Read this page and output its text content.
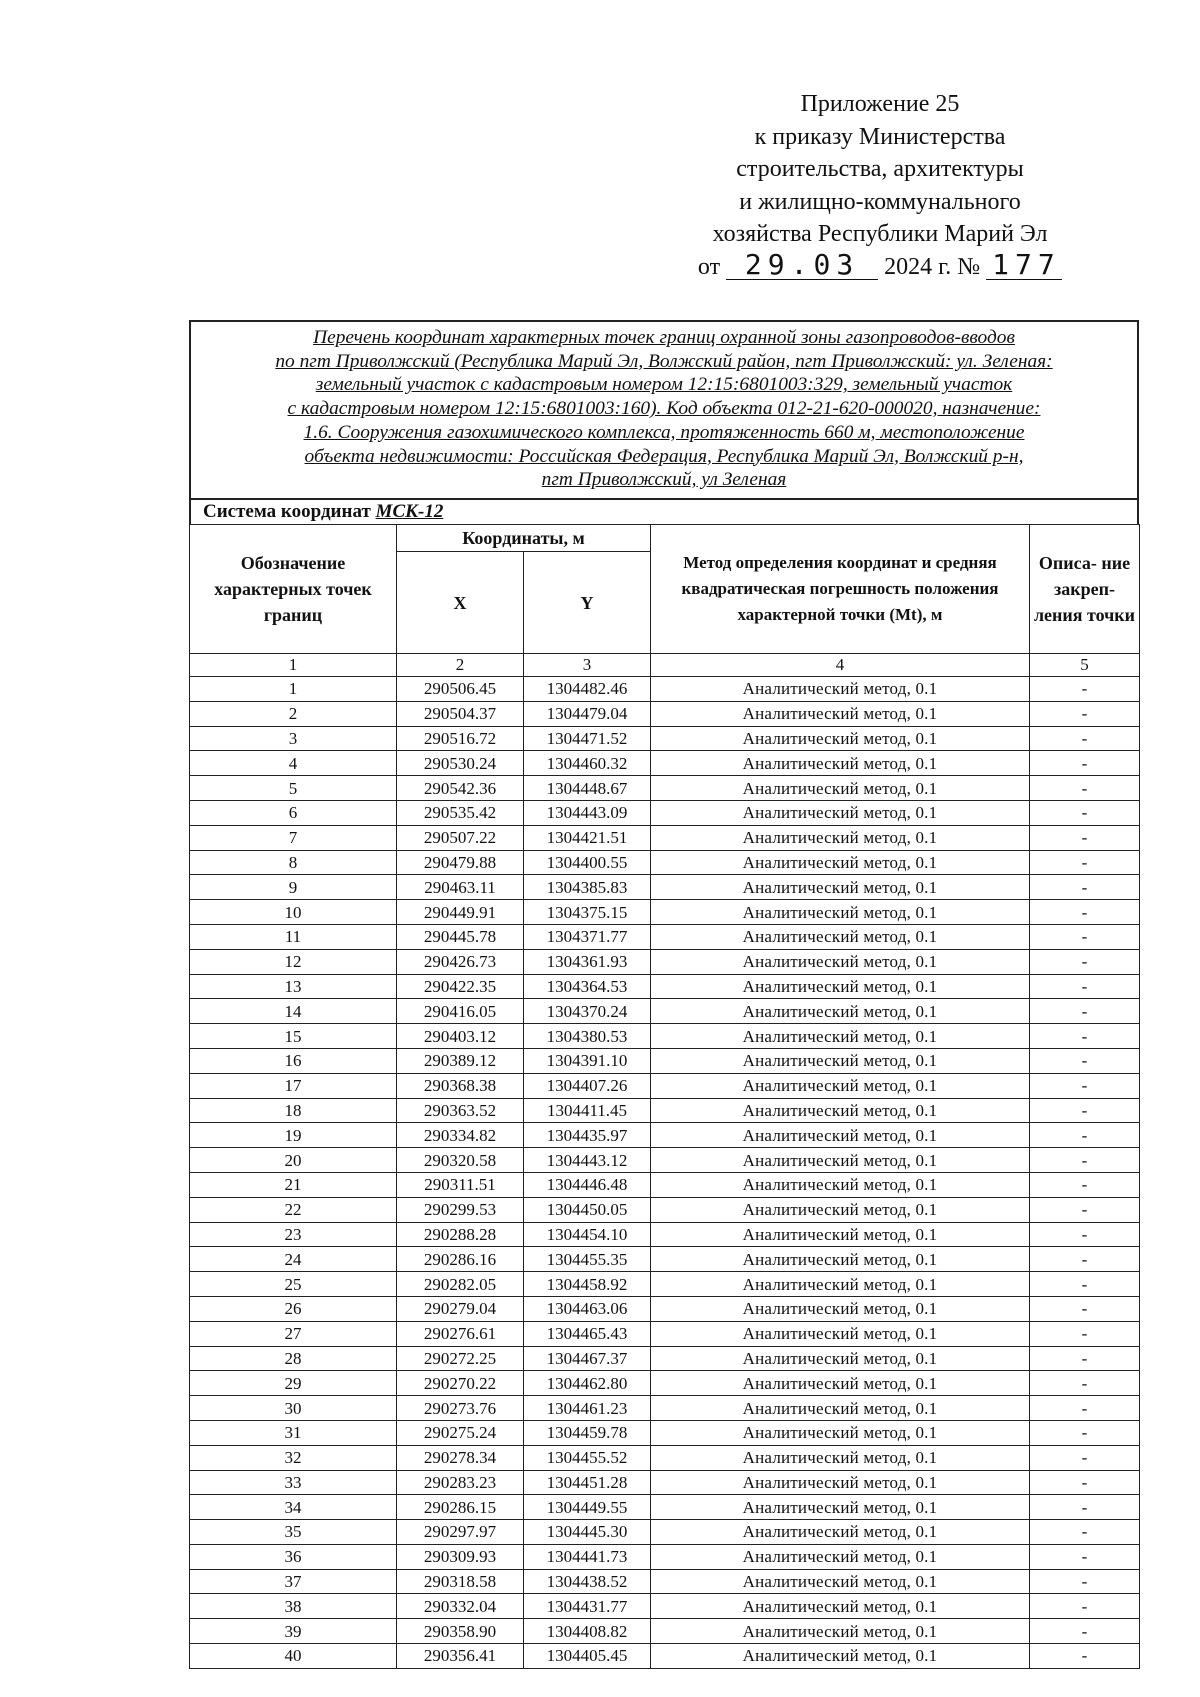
Приложение 25
к приказу Министерства
строительства, архитектуры
и жилищно-коммунального
хозяйства Республики Марий Эл
от 29.03 2024 г. № 177
Перечень координат характерных точек границ охранной зоны газопроводов-вводов
по пгт Приволжский (Республика Марий Эл, Волжский район, пгт Приволжский: ул. Зеленая:
земельный участок с кадастровым номером 12:15:6801003:329, земельный участок
с кадастровым номером 12:15:6801003:160). Код объекта 012-21-620-000020, назначение:
1.6. Сооружения газохимического комплекса, протяженность 660 м, местоположение
объекта недвижимости: Российская Федерация, Республика Марий Эл, Волжский р-н,
пгт Приволжский, ул Зеленая
Система координат МСК-12
Обозначение характерных точек границ	Координаты, м		Метод определения координат и средняя квадратическая погрешность положения характерной точки (Mt), м	Описа- ние закреп- ления точки
	X	Y		
1	2	3	4	5
1	290506.45	1304482.46	Аналитический метод, 0.1	-
2	290504.37	1304479.04	Аналитический метод, 0.1	-
3	290516.72	1304471.52	Аналитический метод, 0.1	-
4	290530.24	1304460.32	Аналитический метод, 0.1	-
5	290542.36	1304448.67	Аналитический метод, 0.1	-
6	290535.42	1304443.09	Аналитический метод, 0.1	-
7	290507.22	1304421.51	Аналитический метод, 0.1	-
8	290479.88	1304400.55	Аналитический метод, 0.1	-
9	290463.11	1304385.83	Аналитический метод, 0.1	-
10	290449.91	1304375.15	Аналитический метод, 0.1	-
11	290445.78	1304371.77	Аналитический метод, 0.1	-
12	290426.73	1304361.93	Аналитический метод, 0.1	-
13	290422.35	1304364.53	Аналитический метод, 0.1	-
14	290416.05	1304370.24	Аналитический метод, 0.1	-
15	290403.12	1304380.53	Аналитический метод, 0.1	-
16	290389.12	1304391.10	Аналитический метод, 0.1	-
17	290368.38	1304407.26	Аналитический метод, 0.1	-
18	290363.52	1304411.45	Аналитический метод, 0.1	-
19	290334.82	1304435.97	Аналитический метод, 0.1	-
20	290320.58	1304443.12	Аналитический метод, 0.1	-
21	290311.51	1304446.48	Аналитический метод, 0.1	-
22	290299.53	1304450.05	Аналитический метод, 0.1	-
23	290288.28	1304454.10	Аналитический метод, 0.1	-
24	290286.16	1304455.35	Аналитический метод, 0.1	-
25	290282.05	1304458.92	Аналитический метод, 0.1	-
26	290279.04	1304463.06	Аналитический метод, 0.1	-
27	290276.61	1304465.43	Аналитический метод, 0.1	-
28	290272.25	1304467.37	Аналитический метод, 0.1	-
29	290270.22	1304462.80	Аналитический метод, 0.1	-
30	290273.76	1304461.23	Аналитический метод, 0.1	-
31	290275.24	1304459.78	Аналитический метод, 0.1	-
32	290278.34	1304455.52	Аналитический метод, 0.1	-
33	290283.23	1304451.28	Аналитический метод, 0.1	-
34	290286.15	1304449.55	Аналитический метод, 0.1	-
35	290297.97	1304445.30	Аналитический метод, 0.1	-
36	290309.93	1304441.73	Аналитический метод, 0.1	-
37	290318.58	1304438.52	Аналитический метод, 0.1	-
38	290332.04	1304431.77	Аналитический метод, 0.1	-
39	290358.90	1304408.82	Аналитический метод, 0.1	-
40	290356.41	1304405.45	Аналитический метод, 0.1	-
